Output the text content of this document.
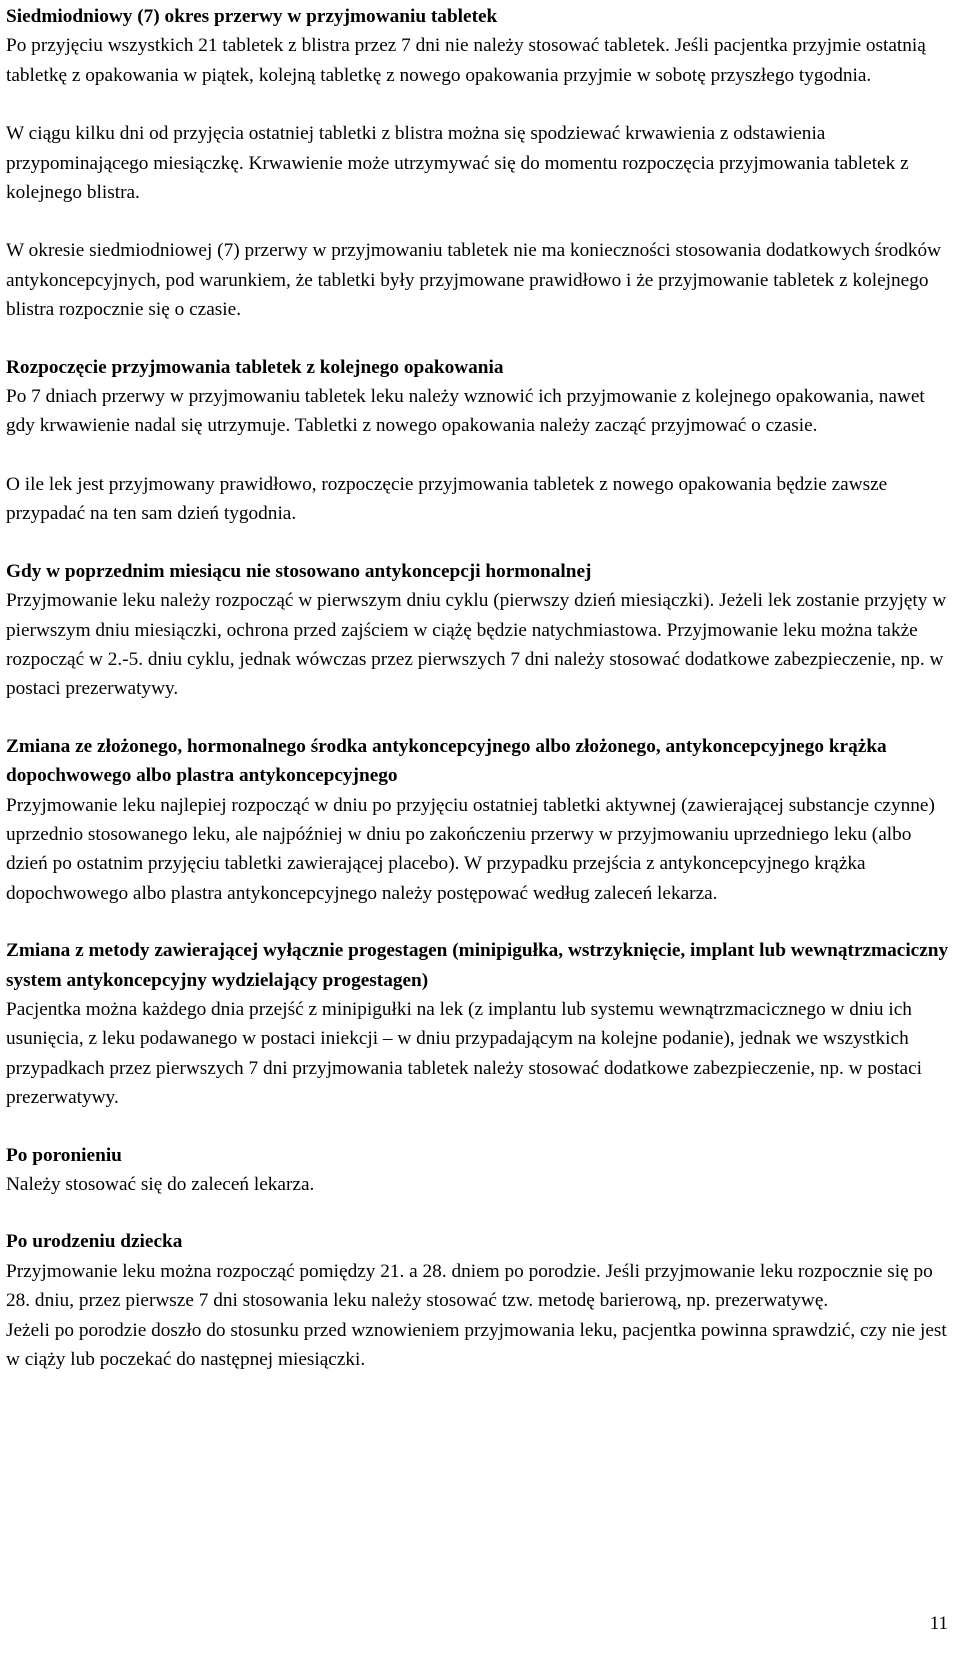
Siedmiodniowy (7) okres przerwy w przyjmowaniu tabletek

Po przyjęciu wszystkich 21 tabletek z blistra przez 7 dni nie należy stosować tabletek. Jeśli pacjentka przyjmie ostatnią tabletkę z opakowania w piątek, kolejną tabletkę z nowego opakowania przyjmie w sobotę przyszłego tygodnia.

W ciągu kilku dni od przyjęcia ostatniej tabletki z blistra można się spodziewać krwawienia z odstawienia przypominającego miesiączkę. Krwawienie może utrzymywać się do momentu rozpoczęcia przyjmowania tabletek z kolejnego blistra.

W okresie siedmiodniowej (7) przerwy w przyjmowaniu tabletek nie ma konieczności stosowania dodatkowych środków antykoncepcyjnych, pod warunkiem, że tabletki były przyjmowane prawidłowo i że przyjmowanie tabletek z kolejnego blistra rozpocznie się o czasie.

Rozpoczęcie przyjmowania tabletek z kolejnego opakowania

Po 7 dniach przerwy w przyjmowaniu tabletek leku należy wznowić ich przyjmowanie z kolejnego opakowania, nawet gdy krwawienie nadal się utrzymuje. Tabletki z nowego opakowania należy zacząć przyjmować o czasie.

O ile lek jest przyjmowany prawidłowo, rozpoczęcie przyjmowania tabletek z nowego opakowania będzie zawsze przypadać na ten sam dzień tygodnia.

Gdy w poprzednim miesiącu nie stosowano antykoncepcji hormonalnej

Przyjmowanie leku należy rozpocząć w pierwszym dniu cyklu (pierwszy dzień miesiączki). Jeżeli lek zostanie przyjęty w pierwszym dniu miesiączki, ochrona przed zajściem w ciążę będzie natychmiastowa. Przyjmowanie leku można także rozpocząć w 2.-5. dniu cyklu, jednak wówczas przez pierwszych 7 dni należy stosować dodatkowe zabezpieczenie, np. w postaci prezerwatywy.

Zmiana ze złożonego, hormonalnego środka antykoncepcyjnego albo złożonego, antykoncepcyjnego krążka dopochwowego albo plastra antykoncepcyjnego

Przyjmowanie leku najlepiej rozpocząć w dniu po przyjęciu ostatniej tabletki aktywnej (zawierającej substancje czynne) uprzednio stosowanego leku, ale najpóźniej w dniu po zakończeniu przerwy w przyjmowaniu uprzedniego leku (albo dzień po ostatnim przyjęciu tabletki zawierającej placebo). W przypadku przejścia z antykoncepcyjnego krążka dopochwowego albo plastra antykoncepcyjnego należy postępować według zaleceń lekarza.

Zmiana z metody zawierającej wyłącznie progestagen (minipigułka, wstrzyknięcie, implant lub wewnątrzmaciczny system antykoncepcyjny wydzielający progestagen)

Pacjentka można każdego dnia przejść z minipigułki na lek (z implantu lub systemu wewnątrzmacicznego w dniu ich usunięcia, z leku podawanego w postaci iniekcji – w dniu przypadającym na kolejne podanie), jednak we wszystkich przypadkach przez pierwszych 7 dni przyjmowania tabletek należy stosować dodatkowe zabezpieczenie, np. w postaci prezerwatywy.

Po poronieniu

Należy stosować się do zaleceń lekarza.

Po urodzeniu dziecka

Przyjmowanie leku można rozpocząć pomiędzy 21. a 28. dniem po porodzie. Jeśli przyjmowanie leku rozpocznie się po 28. dniu, przez pierwsze 7 dni stosowania leku należy stosować tzw. metodę barierową, np. prezerwatywę.

Jeżeli po porodzie doszło do stosunku przed wznowieniem przyjmowania leku, pacjentka powinna sprawdzić, czy nie jest w ciąży lub poczekać do następnej miesiączki.

11
